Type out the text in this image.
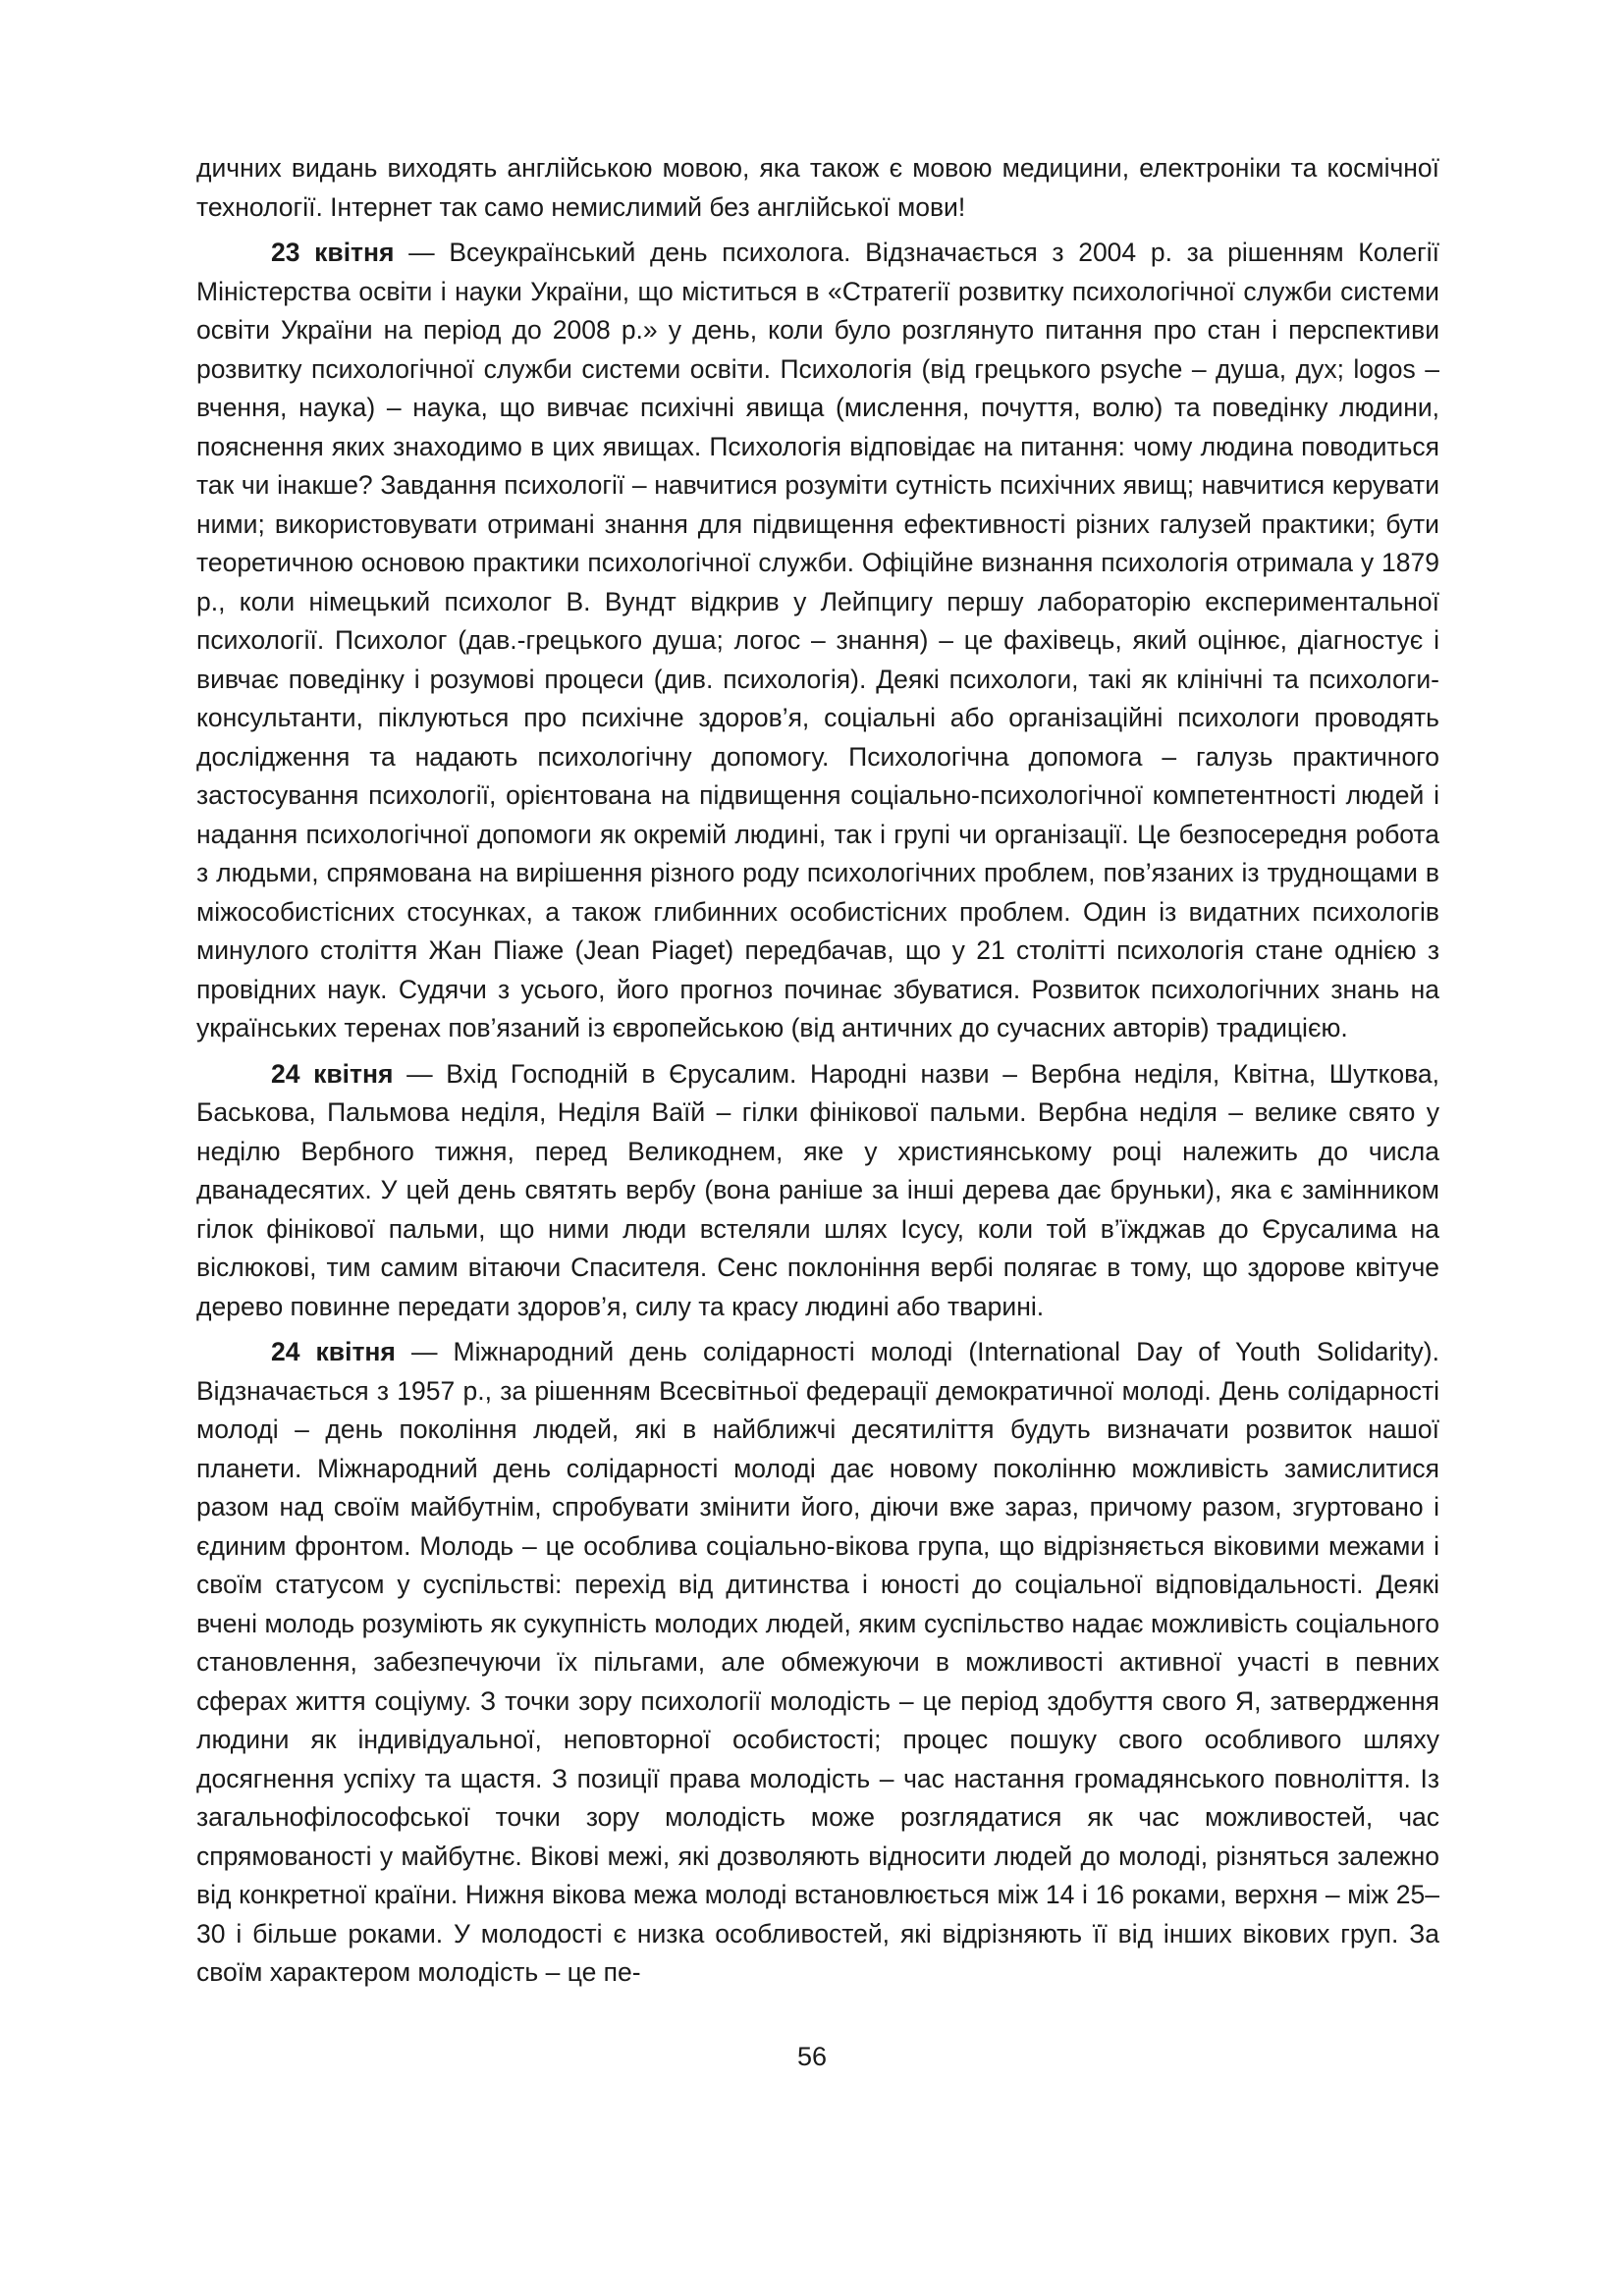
дичних видань виходять англійською мовою, яка також є мовою медицини, електроніки та космічної технології. Інтернет так само немислимий без англійської мови!

23 квітня — Всеукраїнський день психолога. Відзначається з 2004 р. за рішенням Колегії Міністерства освіти і науки України, що міститься в «Стратегії розвитку психологічної служби системи освіти України на період до 2008 р.» у день, коли було розглянуто питання про стан і перспективи розвитку психологічної служби системи освіти. Психологія (від грецького psyche – душа, дух; logos – вчення, наука) – наука, що вивчає психічні явища (мислення, почуття, волю) та поведінку людини, пояснення яких знаходимо в цих явищах. Психологія відповідає на питання: чому людина поводиться так чи інакше? Завдання психології – навчитися розуміти сутність психічних явищ; навчитися керувати ними; використовувати отримані знання для підвищення ефективності різних галузей практики; бути теоретичною основою практики психологічної служби. Офіційне визнання психологія отримала у 1879 р., коли німецький психолог В. Вундт відкрив у Лейпцигу першу лабораторію експериментальної психології. Психолог (дав.-грецького душа; логос – знання) – це фахівець, який оцінює, діагностує і вивчає поведінку і розумові процеси (див. психологія). Деякі психологи, такі як клінічні та психологи-консультанти, піклуються про психічне здоров’я, соціальні або організаційні психологи проводять дослідження та надають психологічну допомогу. Психологічна допомога – галузь практичного застосування психології, орієнтована на підвищення соціально-психологічної компетентності людей і надання психологічної допомоги як окремій людині, так і групі чи організації. Це безпосередня робота з людьми, спрямована на вирішення різного роду психологічних проблем, пов’язаних із труднощами в міжособистісних стосунках, а також глибинних особистісних проблем. Один із видатних психологів минулого століття Жан Піаже (Jean Piaget) передбачав, що у 21 столітті психологія стане однією з провідних наук. Судячи з усього, його прогноз починає збуватися. Розвиток психологічних знань на українських теренах пов’язаний із європейською (від античних до сучасних авторів) традицією.

24 квітня — Вхід Господній в Єрусалим. Народні назви – Вербна неділя, Квітна, Шуткова, Баськова, Пальмова неділя, Неділя Ваїй – гілки фінікової пальми. Вербна неділя – велике свято у неділю Вербного тижня, перед Великоднем, яке у християнському році належить до числа дванадесятих. У цей день святять вербу (вона раніше за інші дерева дає бруньки), яка є замінником гілок фінікової пальми, що ними люди встеляли шлях Ісусу, коли той в’їжджав до Єрусалима на віслюкові, тим самим вітаючи Спасителя. Сенс поклоніння вербі полягає в тому, що здорове квітуче дерево повинне передати здоров’я, силу та красу людині або тварині.

24 квітня — Міжнародний день солідарності молоді (International Day of Youth Solidarity). Відзначається з 1957 р., за рішенням Всесвітньої федерації демократичної молоді. День солідарності молоді – день покоління людей, які в найближчі десятиліття будуть визначати розвиток нашої планети. Міжнародний день солідарності молоді дає новому поколінню можливість замислитися разом над своїм майбутнім, спробувати змінити його, діючи вже зараз, причому разом, згуртовано і єдиним фронтом. Молодь – це особлива соціально-вікова група, що відрізняється віковими межами і своїм статусом у суспільстві: перехід від дитинства і юності до соціальної відповідальності. Деякі вчені молодь розуміють як сукупність молодих людей, яким суспільство надає можливість соціального становлення, забезпечуючи їх пільгами, але обмежуючи в можливості активної участі в певних сферах життя соціуму. З точки зору психології молодість – це період здобуття свого Я, затвердження людини як індивідуальної, неповторної особистості; процес пошуку свого особливого шляху досягнення успіху та щастя. З позиції права молодість – час настання громадянського повноліття. Із загальнофілософської точки зору молодість може розглядатися як час можливостей, час спрямованості у майбутнє. Вікові межі, які дозволяють відносити людей до молоді, різняться залежно від конкретної країни. Нижня вікова межа молоді встановлюється між 14 і 16 роками, верхня – між 25–30 і більше роками. У молодості є низка особливостей, які відрізняють її від інших вікових груп. За своїм характером молодість – це пе-

56
